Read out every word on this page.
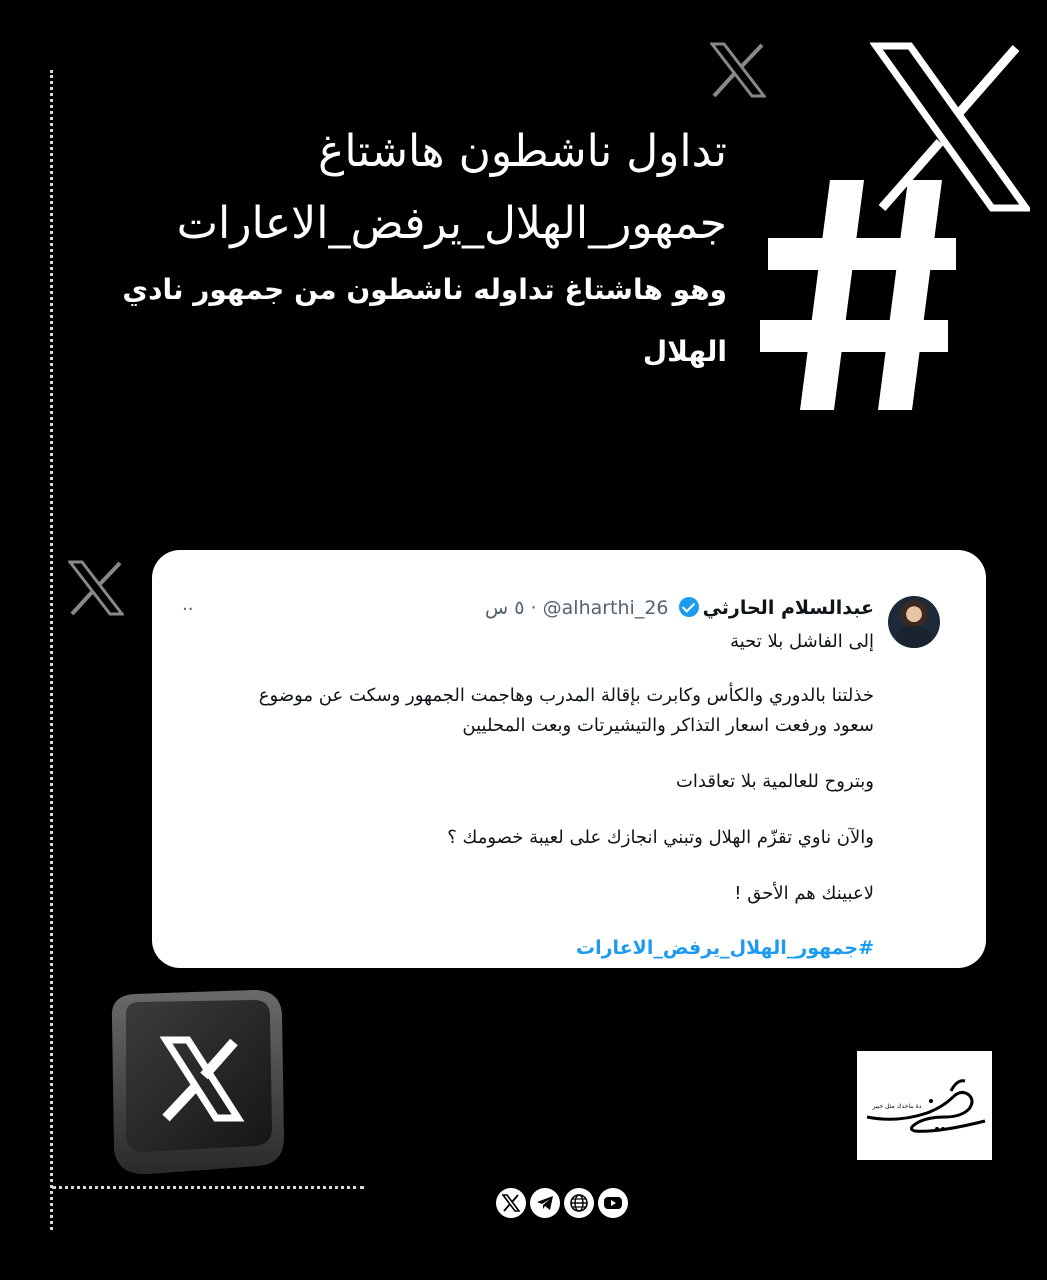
تداول ناشطون هاشتاغ
جمهور_الهلال_يرفض_الاعارات
وهو هاشتاغ تداوله ناشطون من جمهور نادي
الهلال
عبدالسلام الحارثي @alharthi_26 · ٥ س
..
إلى الفاشل بلا تحية
خذلتنا بالدوري والكأس وكابرت بإقالة المدرب وهاجمت الجمهور وسكت عن موضوع
سعود ورفعت اسعار التذاكر والتيشيرتات وبعت المحليين
وبتروح للعالمية بلا تعاقدات
والآن ناوي تقزّم الهلال وتبني انجازك على لعيبة خصومك ؟
لاعبينك هم الأحق !
#جمهور_الهلال_يرفض_الاعارات
دة بناخذك مثل خبير
